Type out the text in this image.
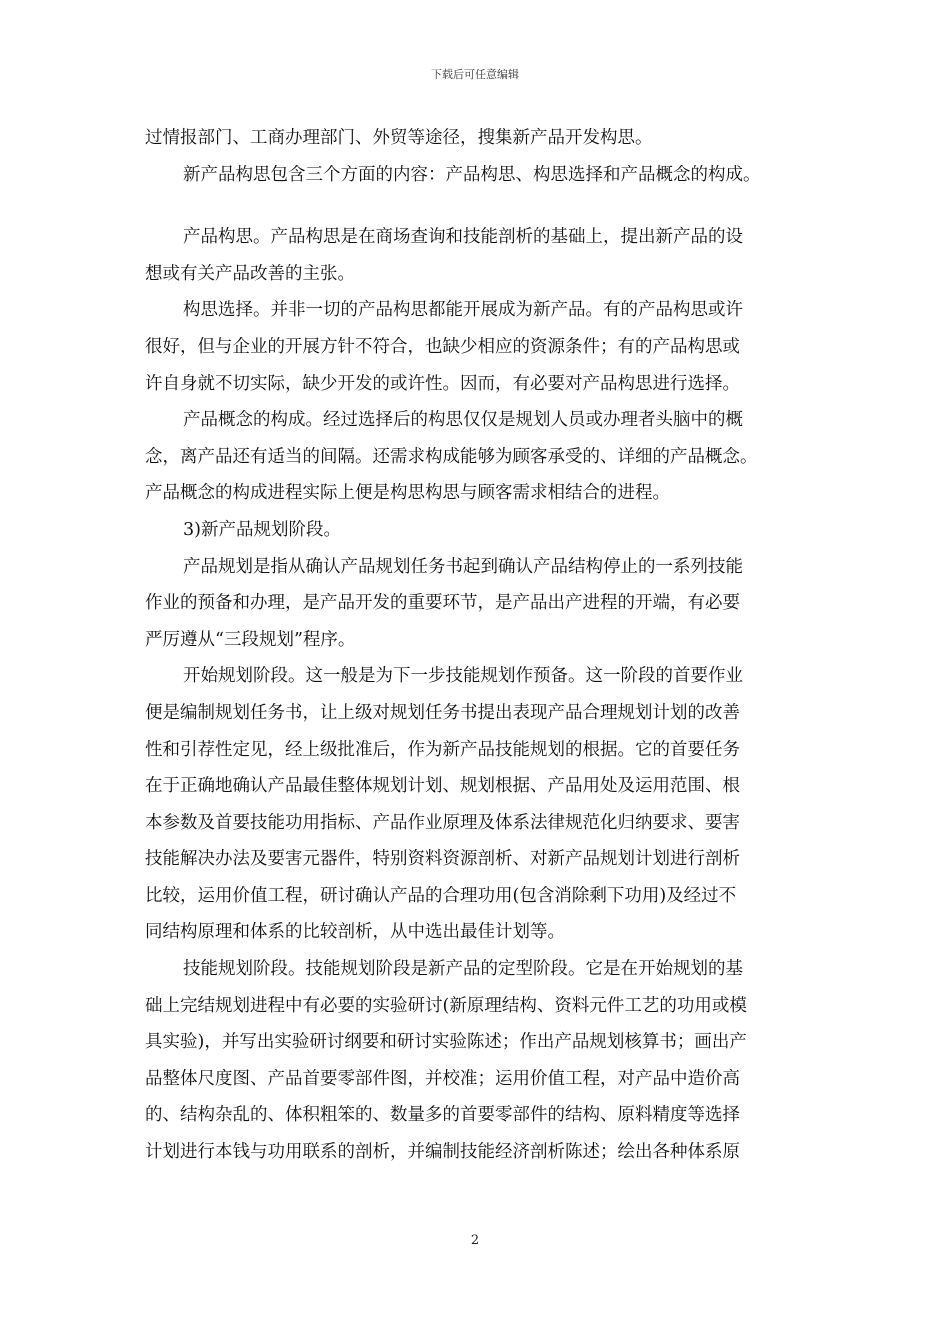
下载后可任意编辑
过情报部门、工商办理部门、外贸等途径，搜集新产品开发构思。
新产品构思包含三个方面的内容：产品构思、构思选择和产品概念的构成。
产品构思。产品构思是在商场查询和技能剖析的基础上，提出新产品的设
想或有关产品改善的主张。
构思选择。并非一切的产品构思都能开展成为新产品。有的产品构思或许
很好，但与企业的开展方针不符合，也缺少相应的资源条件；有的产品构思或
许自身就不切实际，缺少开发的或许性。因而，有必要对产品构思进行选择。
产品概念的构成。经过选择后的构思仅仅是规划人员或办理者头脑中的概
念，离产品还有适当的间隔。还需求构成能够为顾客承受的、详细的产品概念。
产品概念的构成进程实际上便是构思构思与顾客需求相结合的进程。
3)新产品规划阶段。
产品规划是指从确认产品规划任务书起到确认产品结构停止的一系列技能
作业的预备和办理，是产品开发的重要环节，是产品出产进程的开端，有必要
严厉遵从“三段规划”程序。
开始规划阶段。这一般是为下一步技能规划作预备。这一阶段的首要作业
便是编制规划任务书，让上级对规划任务书提出表现产品合理规划计划的改善
性和引荐性定见，经上级批准后，作为新产品技能规划的根据。它的首要任务
在于正确地确认产品最佳整体规划计划、规划根据、产品用处及运用范围、根
本参数及首要技能功用指标、产品作业原理及体系法律规范化归纳要求、要害
技能解决办法及要害元器件，特别资料资源剖析、对新产品规划计划进行剖析
比较，运用价值工程，研讨确认产品的合理功用(包含消除剩下功用)及经过不
同结构原理和体系的比较剖析，从中选出最佳计划等。
技能规划阶段。技能规划阶段是新产品的定型阶段。它是在开始规划的基
础上完结规划进程中有必要的实验研讨(新原理结构、资料元件工艺的功用或模
具实验)，并写出实验研讨纲要和研讨实验陈述；作出产品规划核算书；画出产
品整体尺度图、产品首要零部件图，并校准；运用价值工程，对产品中造价高
的、结构杂乱的、体积粗笨的、数量多的首要零部件的结构、原料精度等选择
计划进行本钱与功用联系的剖析，并编制技能经济剖析陈述；绘出各种体系原
2
